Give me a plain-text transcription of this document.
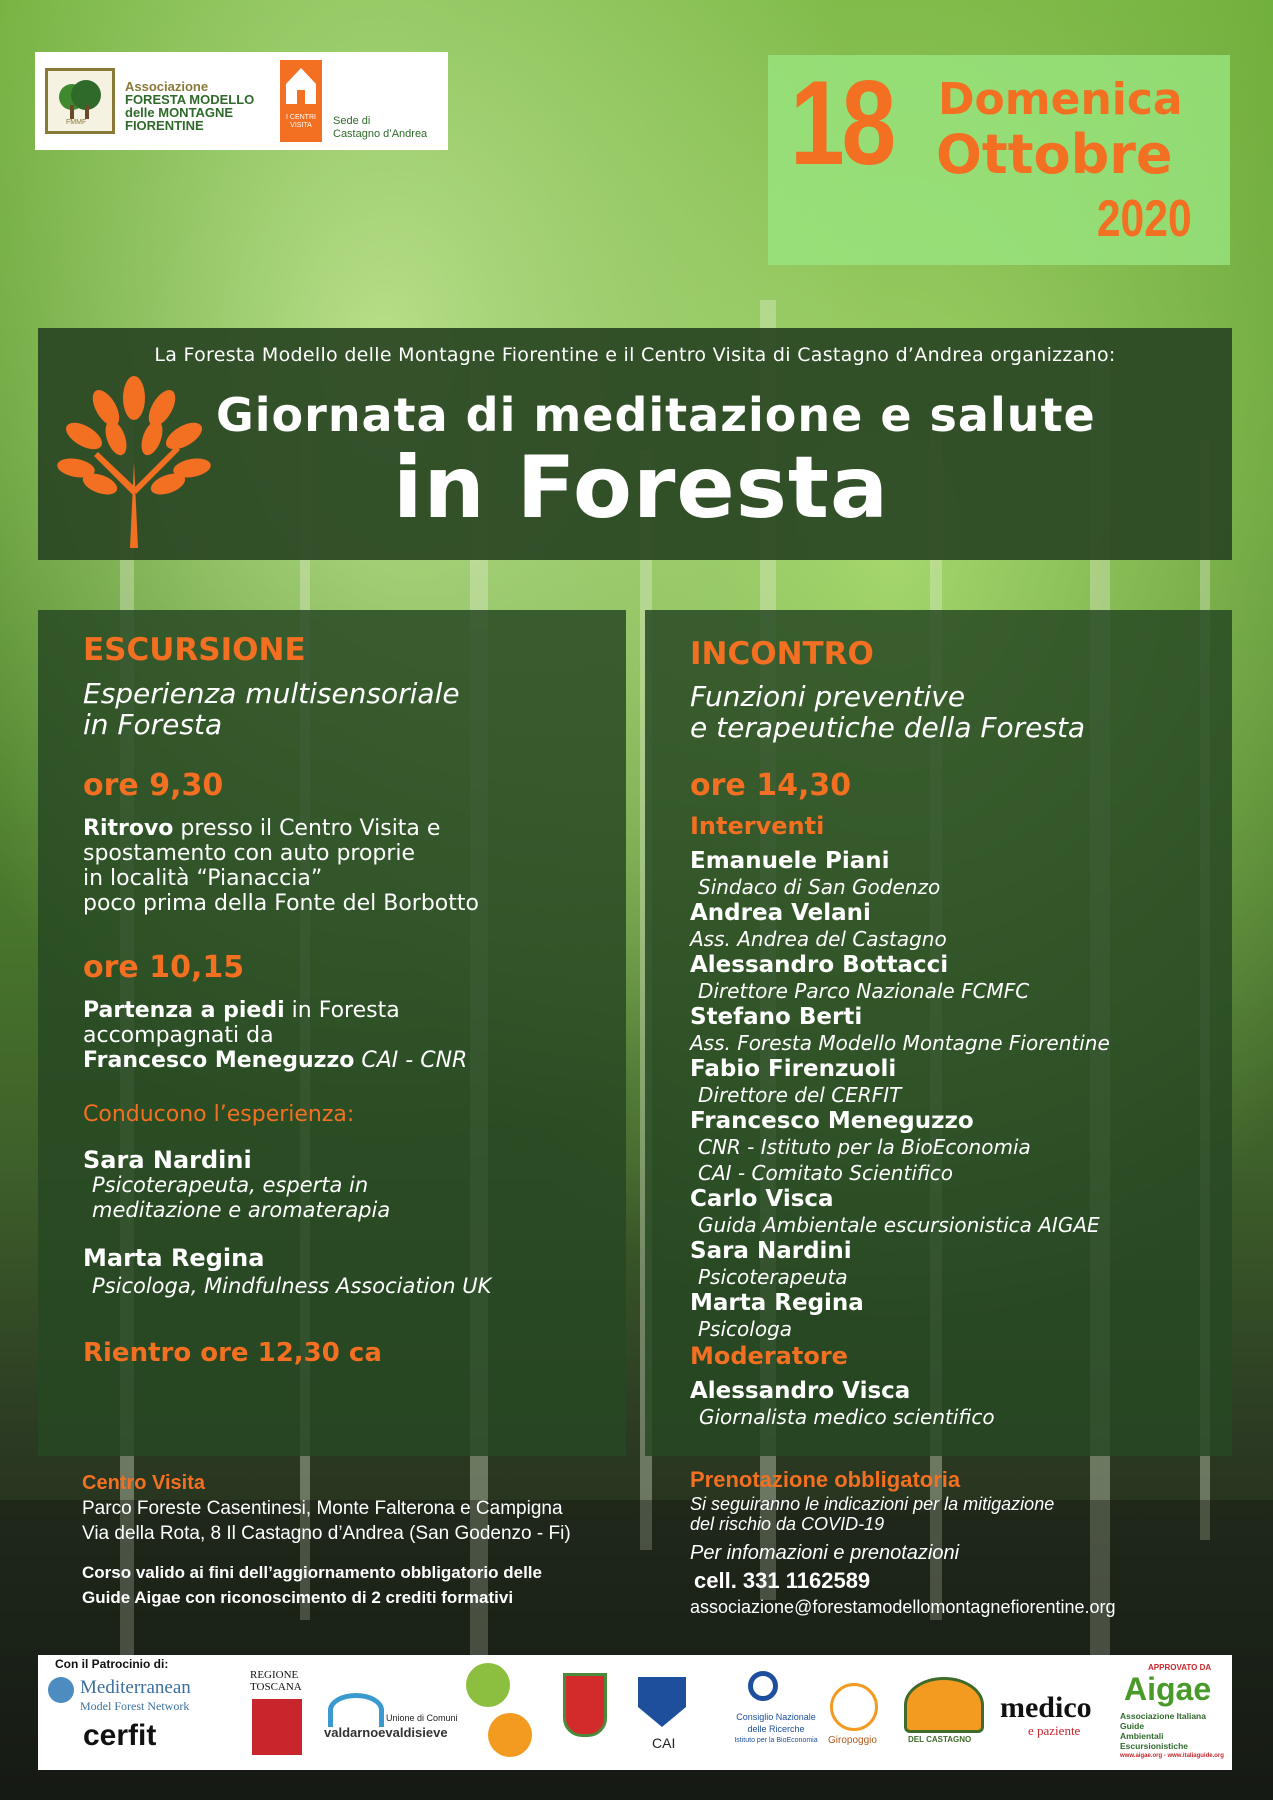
FMMF
Associazione
FORESTA MODELLO
delle MONTAGNE
FIORENTINE
I CENTRI VISITA	Sede di
Castagno d’Andrea	18 Domenica
Ottobre
2020
La Foresta Modello delle Montagne Fiorentine e il Centro Visita di Castagno d’Andrea organizzano:
Giornata di meditazione e salute
in Foresta
ESCURSIONE
Esperienza multisensoriale
in Foresta
ore 9,30
Ritrovo presso il Centro Visita e
spostamento con auto proprie
in località “Pianaccia”
poco prima della Fonte del Borbotto
ore 10,15
Partenza a piedi in Foresta
accompagnati da
Francesco Meneguzzo CAI - CNR
Conducono l’esperienza:
Sara Nardini
Psicoterapeuta, esperta in
meditazione e aromaterapia
Marta Regina
Psicologa, Mindfulness Association UK
Rientro ore 12,30 ca
INCONTRO
Funzioni preventive
e terapeutiche della Foresta
ore 14,30
Interventi
Emanuele Piani
Sindaco di San Godenzo
Andrea Velani
Ass. Andrea del Castagno
Alessandro Bottacci
Direttore Parco Nazionale FCMFC
Stefano Berti
Ass. Foresta Modello Montagne Fiorentine
Fabio Firenzuoli
Direttore del CERFIT
Francesco Meneguzzo
CNR - Istituto per la BioEconomia
CAI - Comitato Scientifico
Carlo Visca
Guida Ambientale escursionistica AIGAE
Sara Nardini
Psicoterapeuta
Marta Regina
Psicologa
Moderatore
Alessandro Visca
Giornalista medico scientifico
Centro Visita
Parco Foreste Casentinesi, Monte Falterona e Campigna
Via della Rota, 8 Il Castagno d’Andrea (San Godenzo - Fi)
Corso valido ai fini dell’aggiornamento obbligatorio delle
Guide Aigae con riconoscimento di 2 crediti formativi
Prenotazione obbligatoria
Si seguiranno le indicazioni per la mitigazione
del rischio da COVID-19
Per infomazioni e prenotazioni
cell. 331 1162589
associazione@forestamodellomontagnefiorentine.org
Con il Patrocinio di:
Mediterranean
Model Forest Network
cerfit
REGIONE
TOSCANA
Unione di Comuni
valdarnoevaldisieve
CAI
Consiglio Nazionale
delle Ricerche
Istituto per la BioEconomia	Giropoggio	DEL CASTAGNO
medico
e paziente
APPROVATO DA
Aigae
Associazione Italiana Guide
Ambientali Escursionistiche
www.aigae.org - www.italiaguide.org
